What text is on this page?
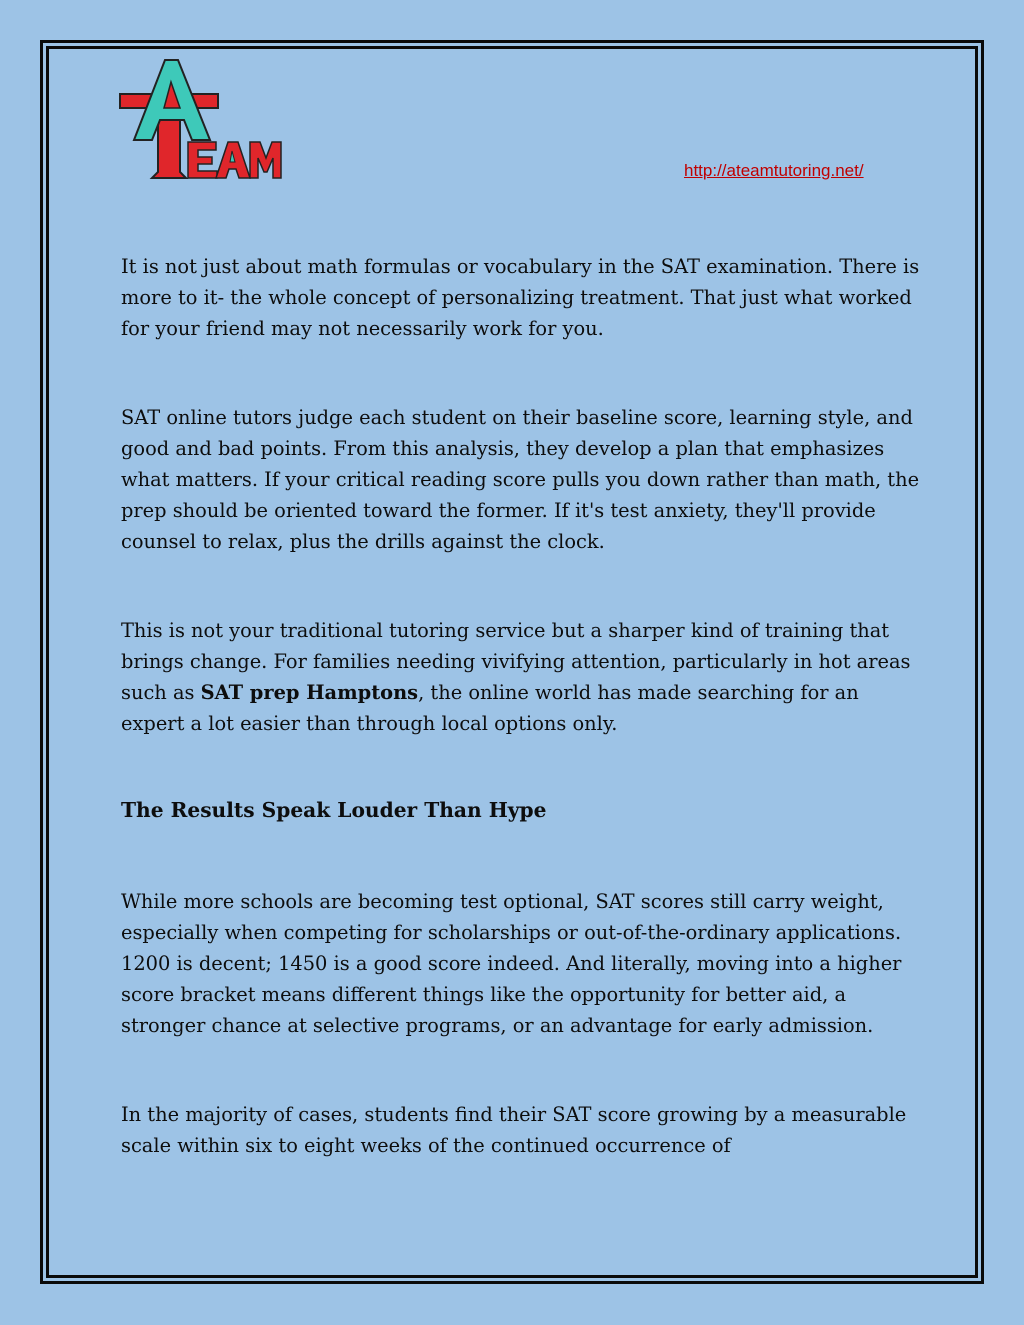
http://ateamtutoring.net/

It is not just about math formulas or vocabulary in the SAT examination. There is more to it- the whole concept of personalizing treatment. That just what worked for your friend may not necessarily work for you.

SAT online tutors judge each student on their baseline score, learning style, and good and bad points. From this analysis, they develop a plan that emphasizes what matters. If your critical reading score pulls you down rather than math, the prep should be oriented toward the former. If it's test anxiety, they'll provide counsel to relax, plus the drills against the clock.

This is not your traditional tutoring service but a sharper kind of training that brings change. For families needing vivifying attention, particularly in hot areas such as SAT prep Hamptons, the online world has made searching for an expert a lot easier than through local options only.

The Results Speak Louder Than Hype

While more schools are becoming test optional, SAT scores still carry weight, especially when competing for scholarships or out-of-the-ordinary applications. 1200 is decent; 1450 is a good score indeed. And literally, moving into a higher score bracket means different things like the opportunity for better aid, a stronger chance at selective programs, or an advantage for early admission.

In the majority of cases, students find their SAT score growing by a measurable scale within six to eight weeks of the continued occurrence of
